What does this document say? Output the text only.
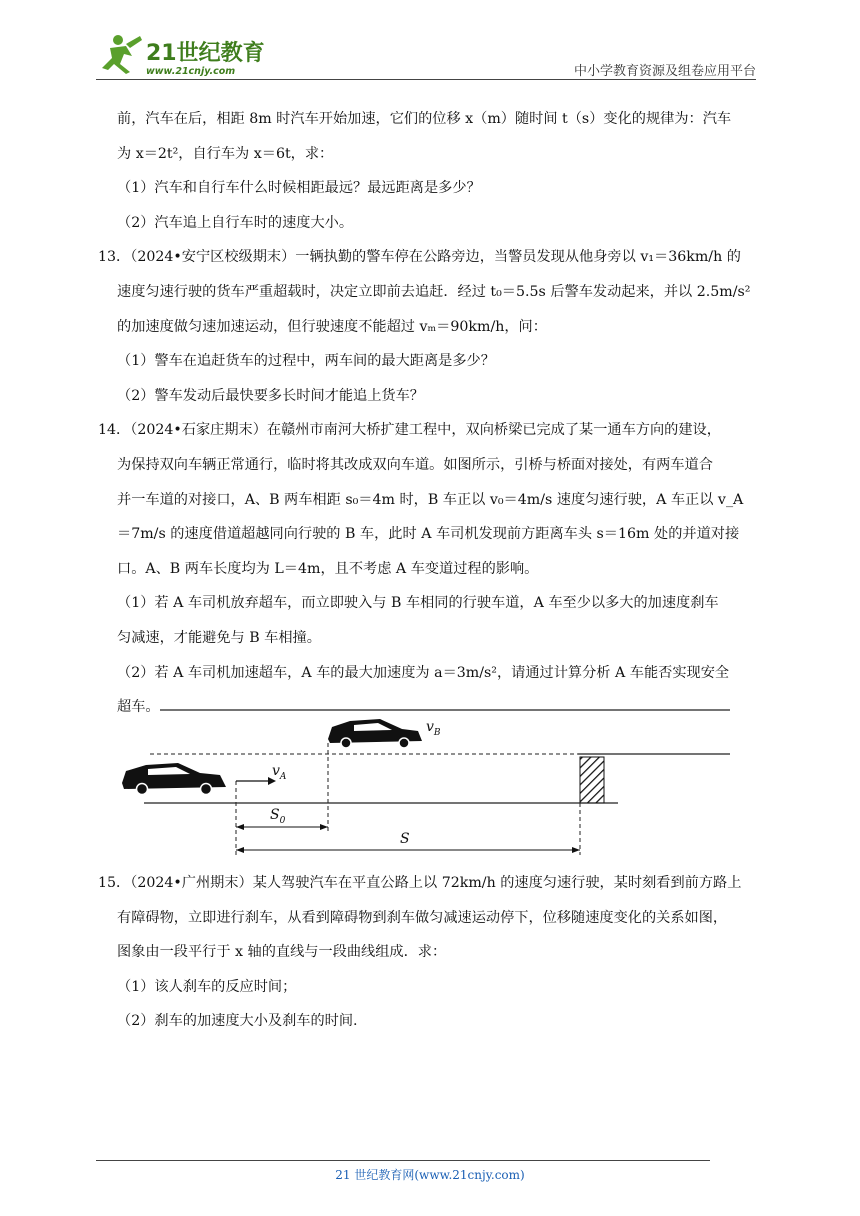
21世纪教育
www.21cnjy.com	中小学教育资源及组卷应用平台
前，汽车在后，相距 8m 时汽车开始加速，它们的位移 x（m）随时间 t（s）变化的规律为：汽车
为 x＝2t²，自行车为 x＝6t，求：
（1）汽车和自行车什么时候相距最远？最远距离是多少？
（2）汽车追上自行车时的速度大小。
13．（2024•安宁区校级期末）一辆执勤的警车停在公路旁边，当警员发现从他身旁以 v₁＝36km/h 的
速度匀速行驶的货车严重超载时，决定立即前去追赶．经过 t₀＝5.5s 后警车发动起来，并以 2.5m/s²
的加速度做匀速加速运动，但行驶速度不能超过 vₘ＝90km/h，问：
（1）警车在追赶货车的过程中，两车间的最大距离是多少？
（2）警车发动后最快要多长时间才能追上货车？
14．（2024•石家庄期末）在赣州市南河大桥扩建工程中，双向桥梁已完成了某一通车方向的建设，
为保持双向车辆正常通行，临时将其改成双向车道。如图所示，引桥与桥面对接处，有两车道合
并一车道的对接口，A、B 两车相距 s₀＝4m 时，B 车正以 v₀＝4m/s 速度匀速行驶，A 车正以 v_A
＝7m/s 的速度借道超越同向行驶的 B 车，此时 A 车司机发现前方距离车头 s＝16m 处的并道对接
口。A、B 两车长度均为 L＝4m，且不考虑 A 车变道过程的影响。
（1）若 A 车司机放弃超车，而立即驶入与 B 车相同的行驶车道，A 车至少以多大的加速度刹车
匀减速，才能避免与 B 车相撞。
（2）若 A 车司机加速超车，A 车的最大加速度为 a＝3m/s²，请通过计算分析 A 车能否实现安全
超车。
$v_B$
$v_A$
$S_0$
S
15．（2024•广州期末）某人驾驶汽车在平直公路上以 72km/h 的速度匀速行驶，某时刻看到前方路上
有障碍物，立即进行刹车，从看到障碍物到刹车做匀减速运动停下，位移随速度变化的关系如图，
图象由一段平行于 x 轴的直线与一段曲线组成．求：
（1）该人刹车的反应时间；
（2）刹车的加速度大小及刹车的时间.
21 世纪教育网(www.21cnjy.com)
